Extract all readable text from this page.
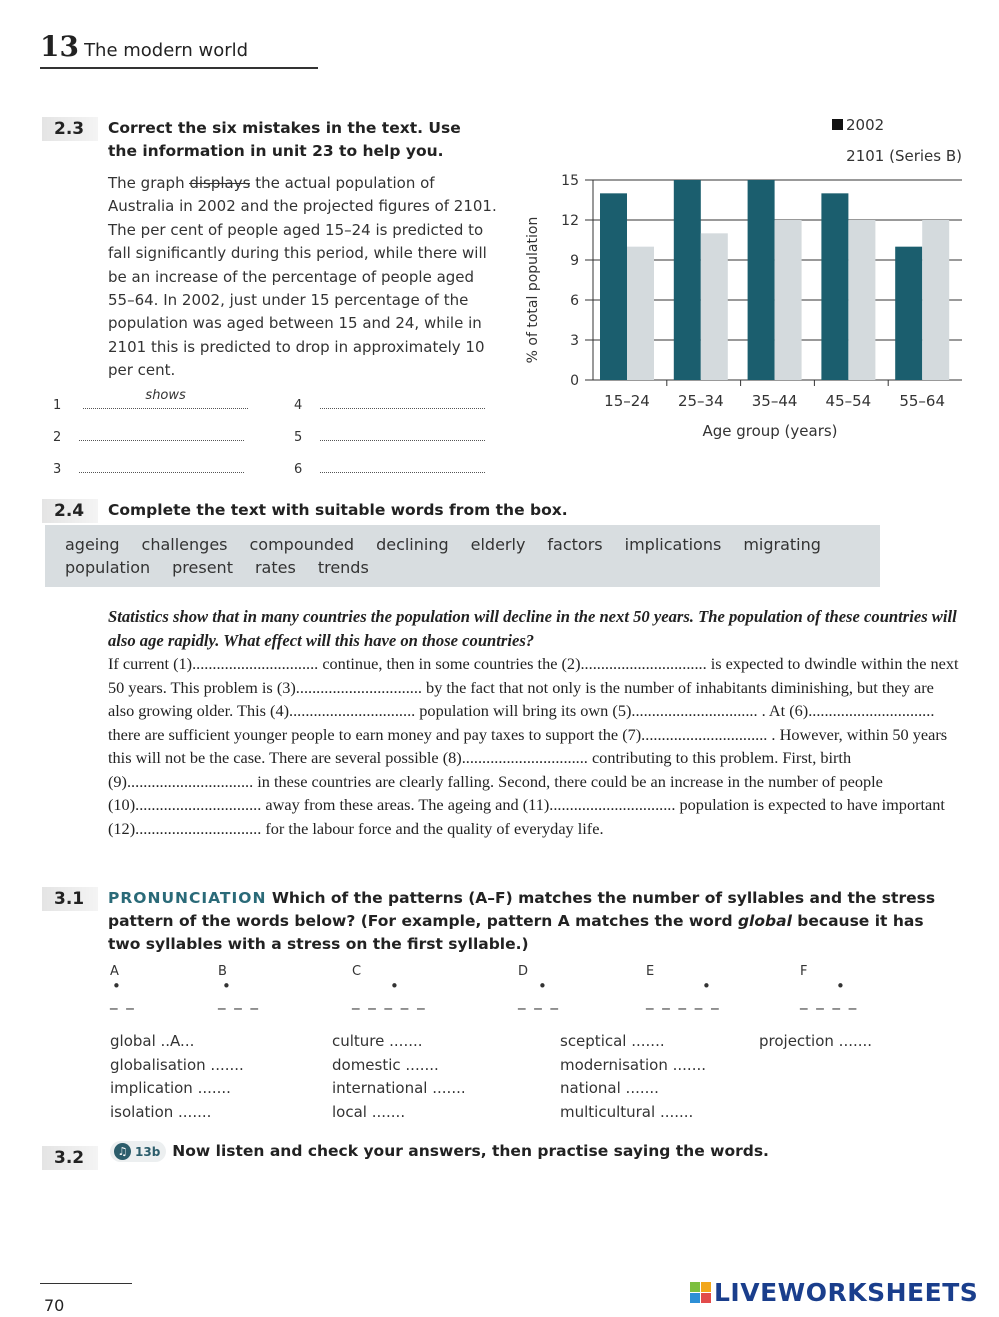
13 The modern world
2.3	Correct the six mistakes in the text. Use the information in unit 23 to help you.
The graph displays
the actual population of Australia in 2002 and the projected figures of 2101. The per cent of people aged 15–24 is predicted to fall significantly during this period, while there will be an increase of the percentage of people aged 55–64. In 2002, just under 15 percentage of the population was aged between 15 and 24, while in 2101 this is predicted to drop in approximately 10 per cent.
1
shows
2
3
4
5
6
0
3
6
9
12
15
15–24 25–34 35–44 45–54 55–64
% of total population
Age group (years)
2002
2101 (Series B)
2.4	Complete the text with suitable words from the box.
ageing challenges compounded declining elderly factors implications migrating
population present rates trends
Statistics show that in many countries the population will decline in the next 50 years. The population of these countries will also age rapidly. What effect will this have on those countries?
If current (1)............................... continue, then in some countries the (2)............................... is expected to dwindle within the next 50 years. This problem is (3)............................... by the fact that not only is the number of inhabitants diminishing, but they are also growing older. This (4)............................... population will bring its own (5)............................... . At (6)............................... there are sufficient younger people to earn money and pay taxes to support the (7)............................... . However, within 50 years this will not be the case. There are several possible (8)............................... contributing to this problem. First, birth (9)............................... in these countries are clearly falling. Second, there could be an increase in the number of people (10)............................... away from these areas. The ageing and (11)............................... population is expected to have important (12)............................... for the labour force and the quality of everyday life.
3.1	PRONUNCIATION Which of the patterns (A–F) matches the number of syllables and the stress pattern of the words below? (For example, pattern A matches the word global because it has two syllables with a stress on the first syllable.)
A
•
_ _
B
•
_ _ _
C
•
_ _ _ _ _
D
•
_ _ _
E
•
_ _ _ _ _
F
•
_ _ _ _
global ..A...
globalisation .......
implication .......
isolation .......
culture .......
domestic .......
international .......
local .......
sceptical .......
modernisation .......
national .......
multicultural .......
projection .......
3.2	♫ 13b Now listen and check your answers, then practise saying the words.
70	LIVEWORKSHEETS
